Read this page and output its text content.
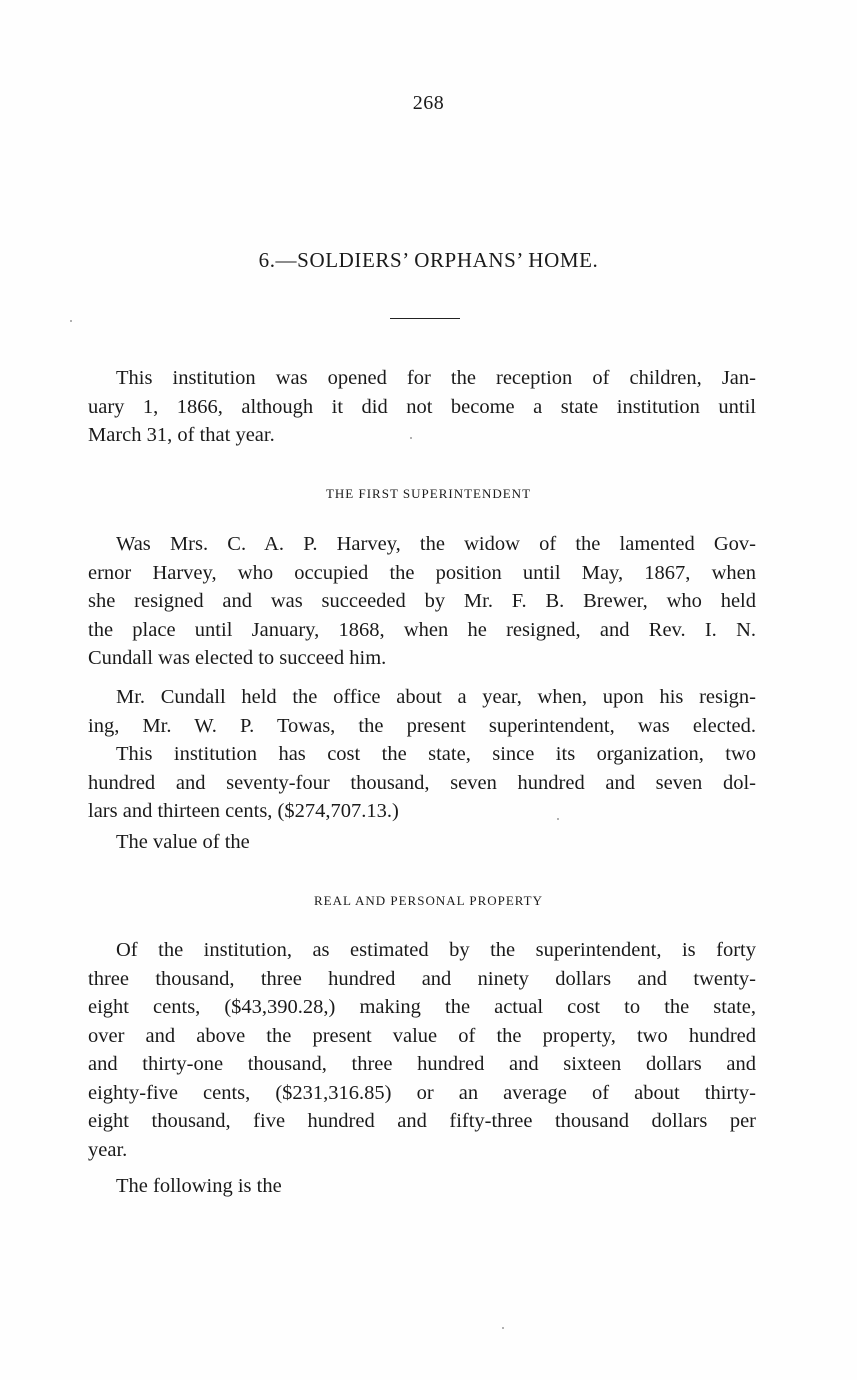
268
6.—SOLDIERS’ ORPHANS’ HOME.
This institution was opened for the reception of children, Jan-
uary 1, 1866, although it did not become a state institution until
March 31, of that year.
THE FIRST SUPERINTENDENT
Was Mrs. C. A. P. Harvey, the widow of the lamented Gov-
ernor Harvey, who occupied the position until May, 1867, when
she resigned and was succeeded by Mr. F. B. Brewer, who held
the place until January, 1868, when he resigned, and Rev. I. N.
Cundall was elected to succeed him.
Mr. Cundall held the office about a year, when, upon his resign-
ing, Mr. W. P. Towas, the present superintendent, was elected.
This institution has cost the state, since its organization, two
hundred and seventy-four thousand, seven hundred and seven dol-
lars and thirteen cents, ($274,707.13.)
The value of the
REAL AND PERSONAL PROPERTY
Of the institution, as estimated by the superintendent, is forty
three thousand, three hundred and ninety dollars and twenty-
eight cents, ($43,390.28,) making the actual cost to the state,
over and above the present value of the property, two hundred
and thirty-one thousand, three hundred and sixteen dollars and
eighty-five cents, ($231,316.85) or an average of about thirty-
eight thousand, five hundred and fifty-three thousand dollars per
year.
The following is the
